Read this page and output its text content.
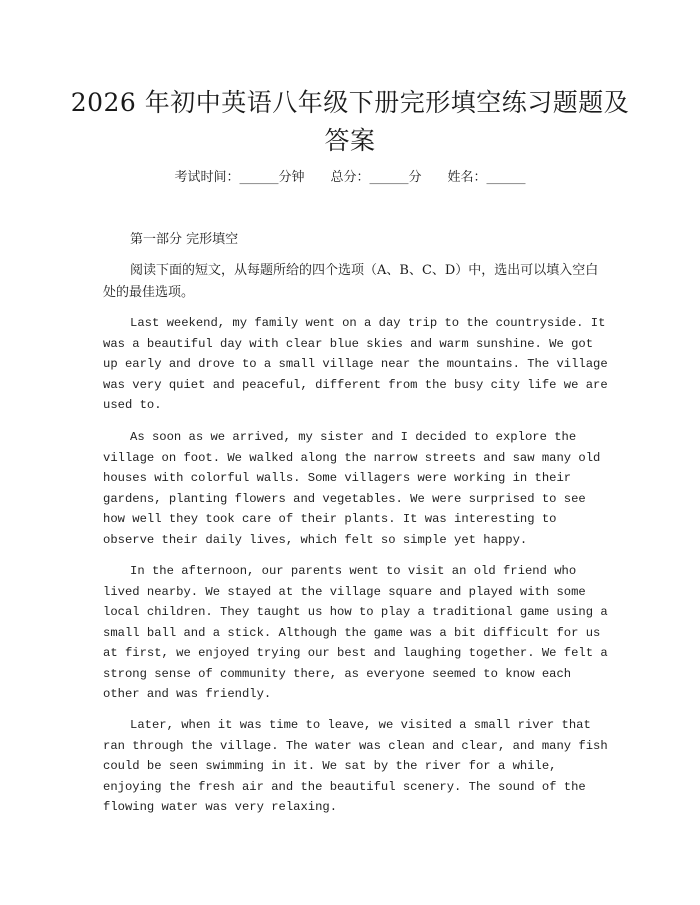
2026 年初中英语八年级下册完形填空练习题题及答案
考试时间：______分钟 总分：______分 姓名：______
第一部分 完形填空

阅读下面的短文，从每题所给的四个选项（A、B、C、D）中，选出可以填入空白处的最佳选项。

Last weekend, my family went on a day trip to the countryside. It was a beautiful day with clear blue skies and warm sunshine. We got up early and drove to a small village near the mountains. The village was very quiet and peaceful, different from the busy city life we are used to.

As soon as we arrived, my sister and I decided to explore the village on foot. We walked along the narrow streets and saw many old houses with colorful walls. Some villagers were working in their gardens, planting flowers and vegetables. We were surprised to see how well they took care of their plants. It was interesting to observe their daily lives, which felt so simple yet happy.

In the afternoon, our parents went to visit an old friend who lived nearby. We stayed at the village square and played with some local children. They taught us how to play a traditional game using a small ball and a stick. Although the game was a bit difficult for us at first, we enjoyed trying our best and laughing together. We felt a strong sense of community there, as everyone seemed to know each other and was friendly.

Later, when it was time to leave, we visited a small river that ran through the village. The water was clean and clear, and many fish could be seen swimming in it. We sat by the river for a while, enjoying the fresh air and the beautiful scenery. The sound of the flowing water was very relaxing.
